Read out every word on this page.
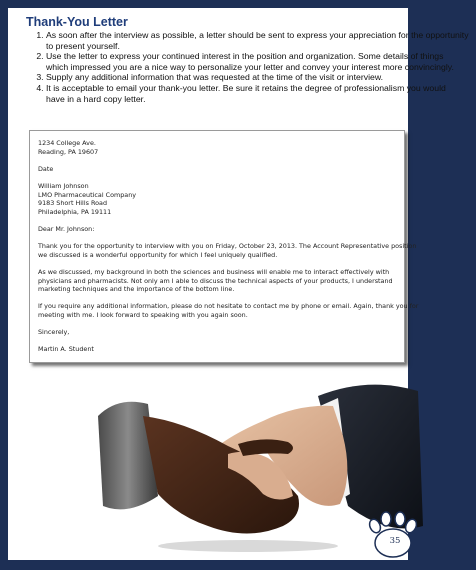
Thank-You Letter
1. As soon after the interview as possible, a letter should be sent to express your appreciation for the opportunity
to present yourself.
2. Use the letter to express your continued interest in the position and organization. Some details of things
which impressed you are a nice way to personalize your letter and convey your interest more convincingly.
3. Supply any additional information that was requested at the time of the visit or interview.
4. It is acceptable to email your thank-you letter. Be sure it retains the degree of professionalism you would
have in a hard copy letter.

1234 College Ave.

Reading, PA 19607

Date

William Johnson

LMO Pharmaceutical Company

9183 Short Hills Road

Philadelphia, PA 19111

Dear Mr. Johnson:

Thank you for the opportunity to interview with you on Friday, October 23, 2013. The Account Representative position

we discussed is a wonderful opportunity for which I feel uniquely qualified.

As we discussed, my background in both the sciences and business will enable me to interact effectively with

physicians and pharmacists. Not only am I able to discuss the technical aspects of your products, I understand

marketing techniques and the importance of the bottom line.

If you require any additional information, please do not hesitate to contact me by phone or email. Again, thank you for

meeting with me. I look forward to speaking with you again soon.

Sincerely,

Martin A. Student

35
